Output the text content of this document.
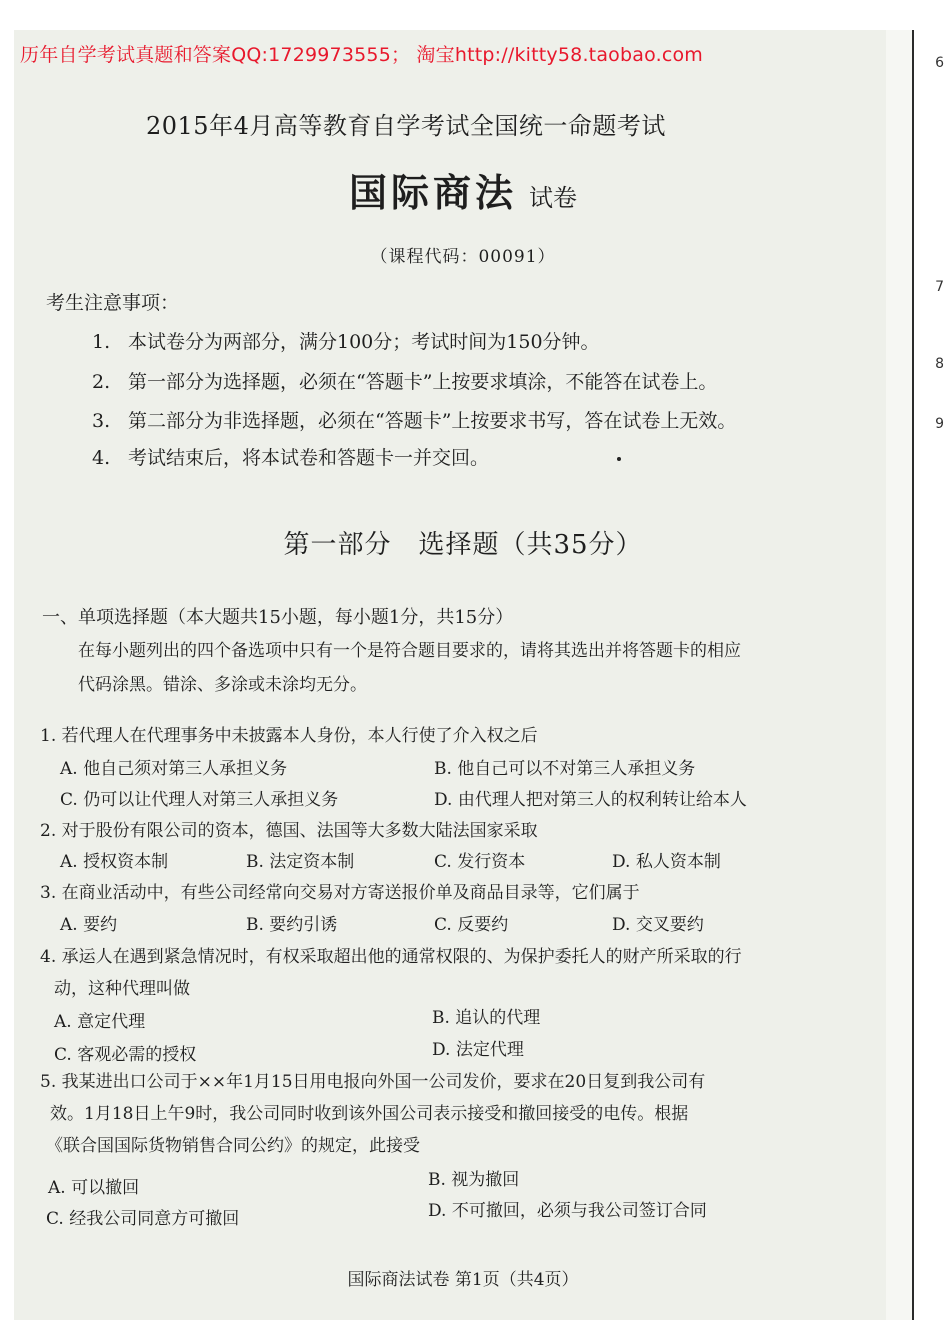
2015年4月高等教育自学考试全国统一命题考试
国际商法 试卷
（课程代码：00091）
考生注意事项：
1. 本试卷分为两部分，满分100分；考试时间为150分钟。
2. 第一部分为选择题，必须在“答题卡”上按要求填涂，不能答在试卷上。
3. 第二部分为非选择题，必须在“答题卡”上按要求书写，答在试卷上无效。
4. 考试结束后，将本试卷和答题卡一并交回。
第一部分　选择题（共35分）
一、单项选择题（本大题共15小题，每小题1分，共15分）
在每小题列出的四个备选项中只有一个是符合题目要求的，请将其选出并将答题卡的相应
代码涂黑。错涂、多涂或未涂均无分。
1. 若代理人在代理事务中未披露本人身份，本人行使了介入权之后
A. 他自己须对第三人承担义务	B. 他自己可以不对第三人承担义务
C. 仍可以让代理人对第三人承担义务	D. 由代理人把对第三人的权利转让给本人
2. 对于股份有限公司的资本，德国、法国等大多数大陆法国家采取
A. 授权资本制	B. 法定资本制	C. 发行资本	D. 私人资本制
3. 在商业活动中，有些公司经常向交易对方寄送报价单及商品目录等，它们属于
A. 要约	B. 要约引诱	C. 反要约	D. 交叉要约
4. 承运人在遇到紧急情况时，有权采取超出他的通常权限的、为保护委托人的财产所采取的行
动，这种代理叫做
A. 意定代理	B. 追认的代理
C. 客观必需的授权	D. 法定代理
5. 我某进出口公司于××年1月15日用电报向外国一公司发价，要求在20日复到我公司有
效。1月18日上午9时，我公司同时收到该外国公司表示接受和撤回接受的电传。根据
《联合国国际货物销售合同公约》的规定，此接受
A. 可以撤回	B. 视为撤回
C. 经我公司同意方可撤回	D. 不可撤回，必须与我公司签订合同
国际商法试卷 第1页（共4页）
6
7
8
9
历年自学考试真题和答案QQ:1729973555； 淘宝http://kitty58.taobao.com
